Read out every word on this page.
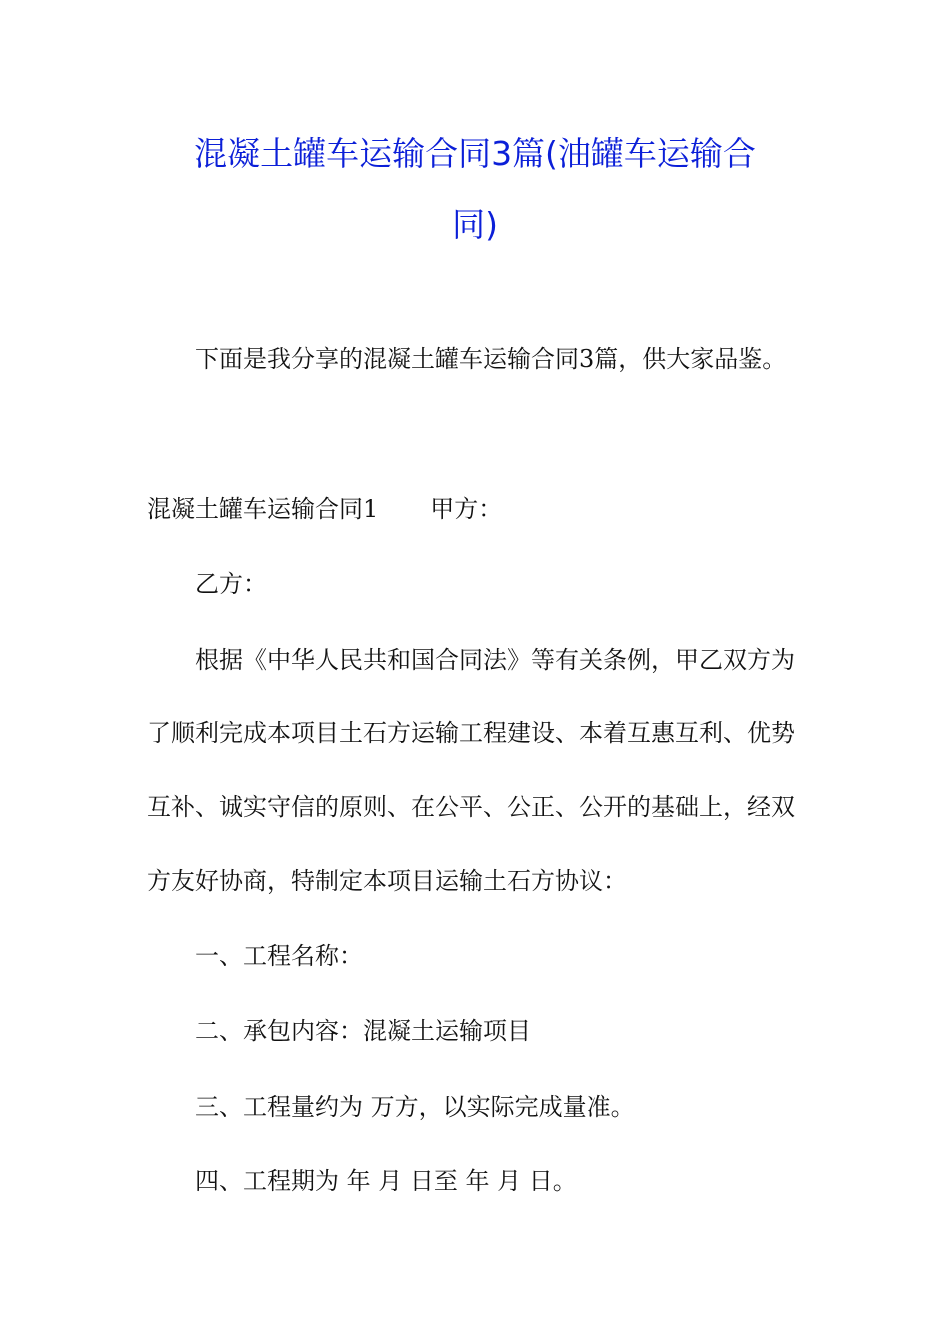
混凝土罐车运输合同3篇(油罐车运输合
同)
下面是我分享的混凝土罐车运输合同3篇，供大家品鉴。
混凝土罐车运输合同1 甲方：
乙方：
根据《中华人民共和国合同法》等有关条例，甲乙双方为
了顺利完成本项目土石方运输工程建设、本着互惠互利、优势
互补、诚实守信的原则、在公平、公正、公开的基础上，经双
方友好协商，特制定本项目运输土石方协议：
一、工程名称：
二、承包内容：混凝土运输项目
三、工程量约为 万方，以实际完成量准。
四、工程期为 年 月 日至 年 月 日。
